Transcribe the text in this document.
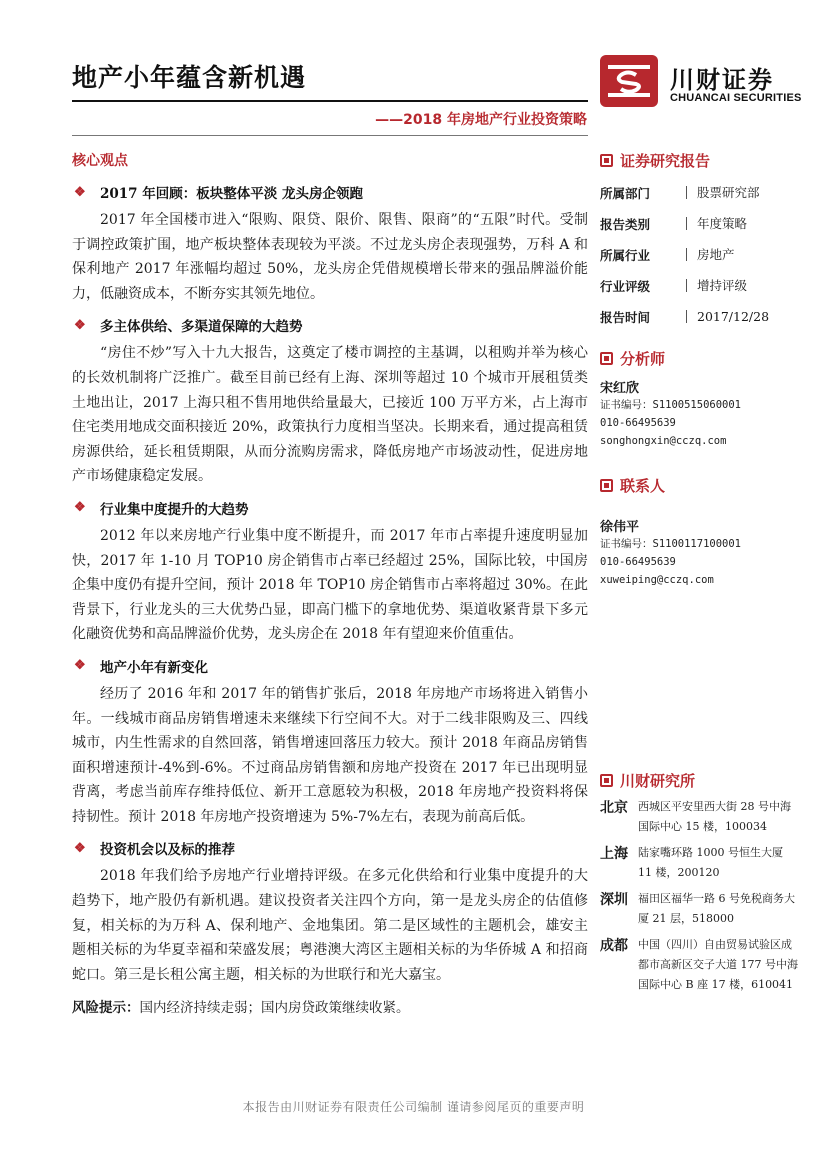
地产小年蕴含新机遇
——2018 年房地产行业投资策略
川财证券
CHUANCAI SECURITIES
核心观点
❖	2017 年回顾：板块整体平淡 龙头房企领跑

2017 年全国楼市进入“限购、限贷、限价、限售、限商”的“五限”时代。受制于调控政策扩围，地产板块整体表现较为平淡。不过龙头房企表现强势，万科 A 和保利地产 2017 年涨幅均超过 50%，龙头房企凭借规模增长带来的强品牌溢价能力，低融资成本，不断夯实其领先地位。

❖	多主体供给、多渠道保障的大趋势

“房住不炒”写入十九大报告，这奠定了楼市调控的主基调，以租购并举为核心的长效机制将广泛推广。截至目前已经有上海、深圳等超过 10 个城市开展租赁类土地出让，2017 上海只租不售用地供给量最大，已接近 100 万平方米，占上海市住宅类用地成交面积接近 20%，政策执行力度相当坚决。长期来看，通过提高租赁房源供给，延长租赁期限，从而分流购房需求，降低房地产市场波动性，促进房地产市场健康稳定发展。

❖	行业集中度提升的大趋势

2012 年以来房地产行业集中度不断提升，而 2017 年市占率提升速度明显加快，2017 年 1-10 月 TOP10 房企销售市占率已经超过 25%，国际比较，中国房企集中度仍有提升空间，预计 2018 年 TOP10 房企销售市占率将超过 30%。在此背景下，行业龙头的三大优势凸显，即高门槛下的拿地优势、渠道收紧背景下多元化融资优势和高品牌溢价优势，龙头房企在 2018 年有望迎来价值重估。

❖	地产小年有新变化

经历了 2016 年和 2017 年的销售扩张后，2018 年房地产市场将进入销售小年。一线城市商品房销售增速未来继续下行空间不大。对于二线非限购及三、四线城市，内生性需求的自然回落，销售增速回落压力较大。预计 2018 年商品房销售面积增速预计-4%到-6%。不过商品房销售额和房地产投资在 2017 年已出现明显背离，考虑当前库存维持低位、新开工意愿较为积极，2018 年房地产投资料将保持韧性。预计 2018 年房地产投资增速为 5%-7%左右，表现为前高后低。

❖	投资机会以及标的推荐

2018 年我们给予房地产行业增持评级。在多元化供给和行业集中度提升的大趋势下，地产股仍有新机遇。建议投资者关注四个方向，第一是龙头房企的估值修复，相关标的为万科 A、保利地产、金地集团。第二是区域性的主题机会，雄安主题相关标的为华夏幸福和荣盛发展；粤港澳大湾区主题相关标的为华侨城 A 和招商蛇口。第三是长租公寓主题，相关标的为世联行和光大嘉宝。

风险提示：国内经济持续走弱；国内房贷政策继续收紧。
证券研究报告
所属部门	股票研究部
报告类别	年度策略
所属行业	房地产
行业评级	增持评级
报告时间	2017/12/28
分析师
宋红欣
证书编号：S1100515060001
010-66495639
songhongxin@cczq.com
联系人
徐伟平
证书编号：S1100117100001
010-66495639
xuweiping@cczq.com
川财研究所
北京 西城区平安里西大街 28 号中海国际中心 15 楼，100034
上海 陆家嘴环路 1000 号恒生大厦 11 楼，200120
深圳 福田区福华一路 6 号免税商务大厦 21 层，518000
成都 中国（四川）自由贸易试验区成都市高新区交子大道 177 号中海国际中心 B 座 17 楼，610041
本报告由川财证券有限责任公司编制 谨请参阅尾页的重要声明
